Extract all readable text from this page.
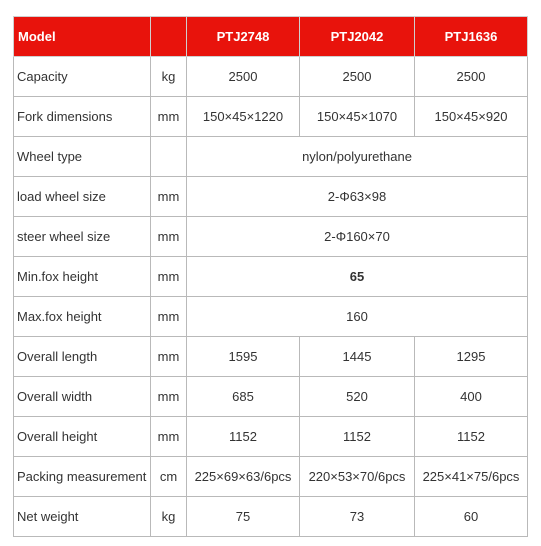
Model		PTJ2748	PTJ2042	PTJ1636
Capacity	kg	2500	2500	2500
Fork dimensions	mm	150×45×1220	150×45×1070	150×45×920
Wheel type		nylon/polyurethane		
load wheel size	mm	2-Φ63×98		
steer wheel size	mm	2-Φ160×70		
Min.fox height	mm	65		
Max.fox height	mm	160		
Overall length	mm	1595	1445	1295
Overall width	mm	685	520	400
Overall height	mm	1152	1152	1152
Packing measurement	cm	225×69×63/6pcs	220×53×70/6pcs	225×41×75/6pcs
Net weight	kg	75	73	60
